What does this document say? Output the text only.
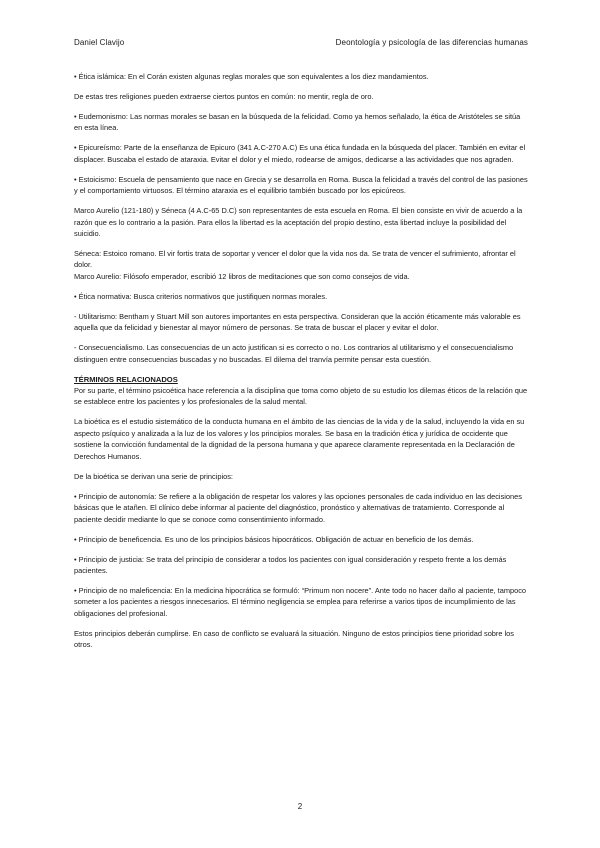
Daniel Clavijo	Deontología y psicología de las diferencias humanas

• Ética islámica: En el Corán existen algunas reglas morales que son equivalentes a los diez mandamientos.

De estas tres religiones pueden extraerse ciertos puntos en común: no mentir, regla de oro.

• Eudemonismo: Las normas morales se basan en la búsqueda de la felicidad. Como ya hemos señalado, la ética de Aristóteles se sitúa en esta línea.

• Epicureísmo: Parte de la enseñanza de Epicuro (341 A.C-270 A.C) Es una ética fundada en la búsqueda del placer. También en evitar el displacer. Buscaba el estado de ataraxia. Evitar el dolor y el miedo, rodearse de amigos, dedicarse a las actividades que nos agraden.

• Estoicismo: Escuela de pensamiento que nace en Grecia y se desarrolla en Roma. Busca la felicidad a través del control de las pasiones y el comportamiento virtuosos. El término ataraxia es el equilibrio también buscado por los epicúreos.

Marco Aurelio (121-180) y Séneca (4 A.C-65 D.C) son representantes de esta escuela en Roma. El bien consiste en vivir de acuerdo a la razón que es lo contrario a la pasión. Para ellos la libertad es la aceptación del propio destino, esta libertad incluye la posibilidad del suicidio.

Séneca: Estoico romano. El vir fortis trata de soportar y vencer el dolor que la vida nos da. Se trata de vencer el sufrimiento, afrontar el dolor.

Marco Aurelio: Filósofo emperador, escribió 12 libros de meditaciones que son como consejos de vida.

• Ética normativa: Busca criterios normativos que justifiquen normas morales.

- Utilitarismo: Bentham y Stuart Mill son autores importantes en esta perspectiva. Consideran que la acción éticamente más valorable es aquella que da felicidad y bienestar al mayor número de personas. Se trata de buscar el placer y evitar el dolor.

- Consecuencialismo. Las consecuencias de un acto justifican si es correcto o no. Los contrarios al utilitarismo y el consecuencialismo distinguen entre consecuencias buscadas y no buscadas. El dilema del tranvía permite pensar esta cuestión.

TÉRMINOS RELACIONADOS

Por su parte, el término psicoética hace referencia a la disciplina que toma como objeto de su estudio los dilemas éticos de la relación que se establece entre los pacientes y los profesionales de la salud mental.

La bioética es el estudio sistemático de la conducta humana en el ámbito de las ciencias de la vida y de la salud, incluyendo la vida en su aspecto psíquico y analizada a la luz de los valores y los principios morales. Se basa en la tradición ética y jurídica de occidente que sostiene la convicción fundamental de la dignidad de la persona humana y que aparece claramente representada en la Declaración de Derechos Humanos.

De la bioética se derivan una serie de principios:

• Principio de autonomía: Se refiere a la obligación de respetar los valores y las opciones personales de cada individuo en las decisiones básicas que le atañen. El clínico debe informar al paciente del diagnóstico, pronóstico y alternativas de tratamiento. Corresponde al paciente decidir mediante lo que se conoce como consentimiento informado.

• Principio de beneficencia. Es uno de los principios básicos hipocráticos. Obligación de actuar en beneficio de los demás.

• Principio de justicia: Se trata del principio de considerar a todos los pacientes con igual consideración y respeto frente a los demás pacientes.

• Principio de no maleficencia: En la medicina hipocrática se formuló: “Primum non nocere”. Ante todo no hacer daño al paciente, tampoco someter a los pacientes a riesgos innecesarios. El término negligencia se emplea para referirse a varios tipos de incumplimiento de las obligaciones del profesional.

Estos principios deberán cumplirse. En caso de conflicto se evaluará la situación. Ninguno de estos principios tiene prioridad sobre los otros.

2
